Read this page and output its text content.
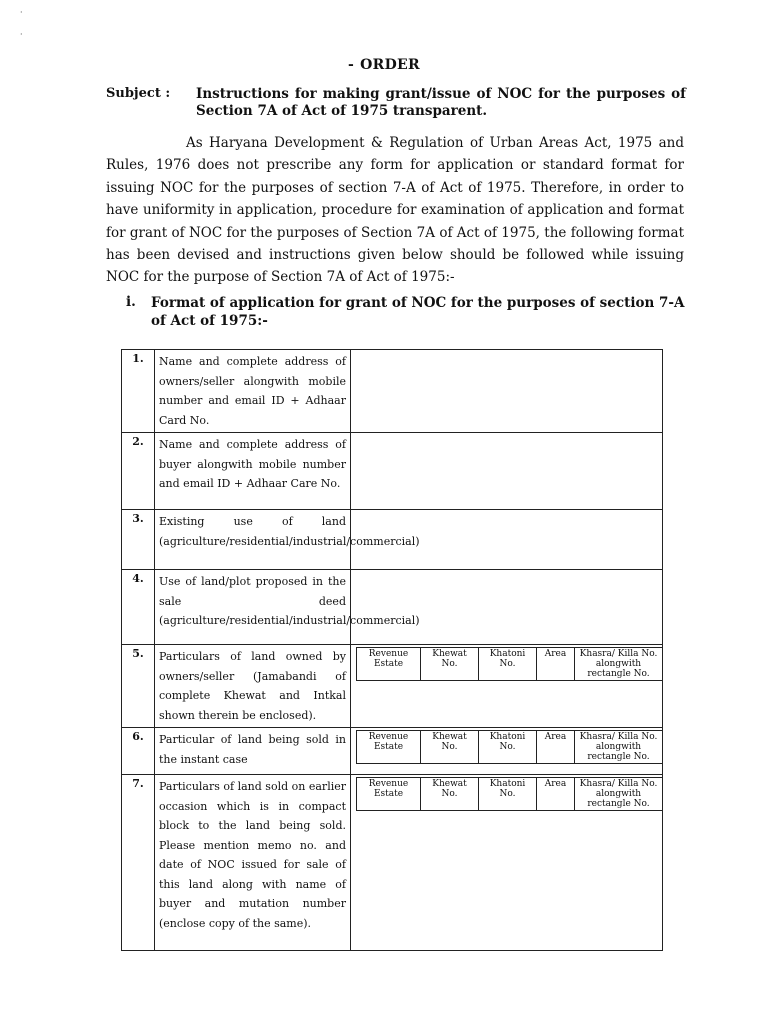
·
·
- ORDER
Subject :	Instructions for making grant/issue of NOC for the purposes of Section 7A of Act of 1975 transparent.
As Haryana Development & Regulation of Urban Areas Act, 1975 and Rules, 1976 does not prescribe any form for application or standard format for issuing NOC for the purposes of section 7-A of Act of 1975. Therefore, in order to have uniformity in application, procedure for examination of application and format for grant of NOC for the purposes of Section 7A of Act of 1975, the following format has been devised and instructions given below should be followed while issuing NOC for the purpose of Section 7A of Act of 1975:-
i.	Format of application for grant of NOC for the purposes of section 7-A of Act of 1975:-
1.	Name and complete address of owners/seller alongwith mobile number and email ID + Adhaar Card No.	
2.	Name and complete address of buyer alongwith mobile number and email ID + Adhaar Care No.	
3.	Existing use of land (agriculture/residential/industrial/commercial)	
4.	Use of land/plot proposed in the sale deed (agriculture/residential/industrial/commercial)	
5.	Particulars of land owned by owners/seller (Jamabandi of complete Khewat and Intkal shown therein be enclosed).	
Revenue Estate	Khewat No.	Khatoni No.	Area	Khasra/ Killa No. alongwith rectangle No.

6.	Particular of land being sold in the instant case	
Revenue Estate	Khewat No.	Khatoni No.	Area	Khasra/ Killa No. alongwith rectangle No.

7.	Particulars of land sold on earlier occasion which is in compact block to the land being sold. Please mention memo no. and date of NOC issued for sale of this land along with name of buyer and mutation number (enclose copy of the same).	
Revenue Estate	Khewat No.	Khatoni No.	Area	Khasra/ Killa No. alongwith rectangle No.
